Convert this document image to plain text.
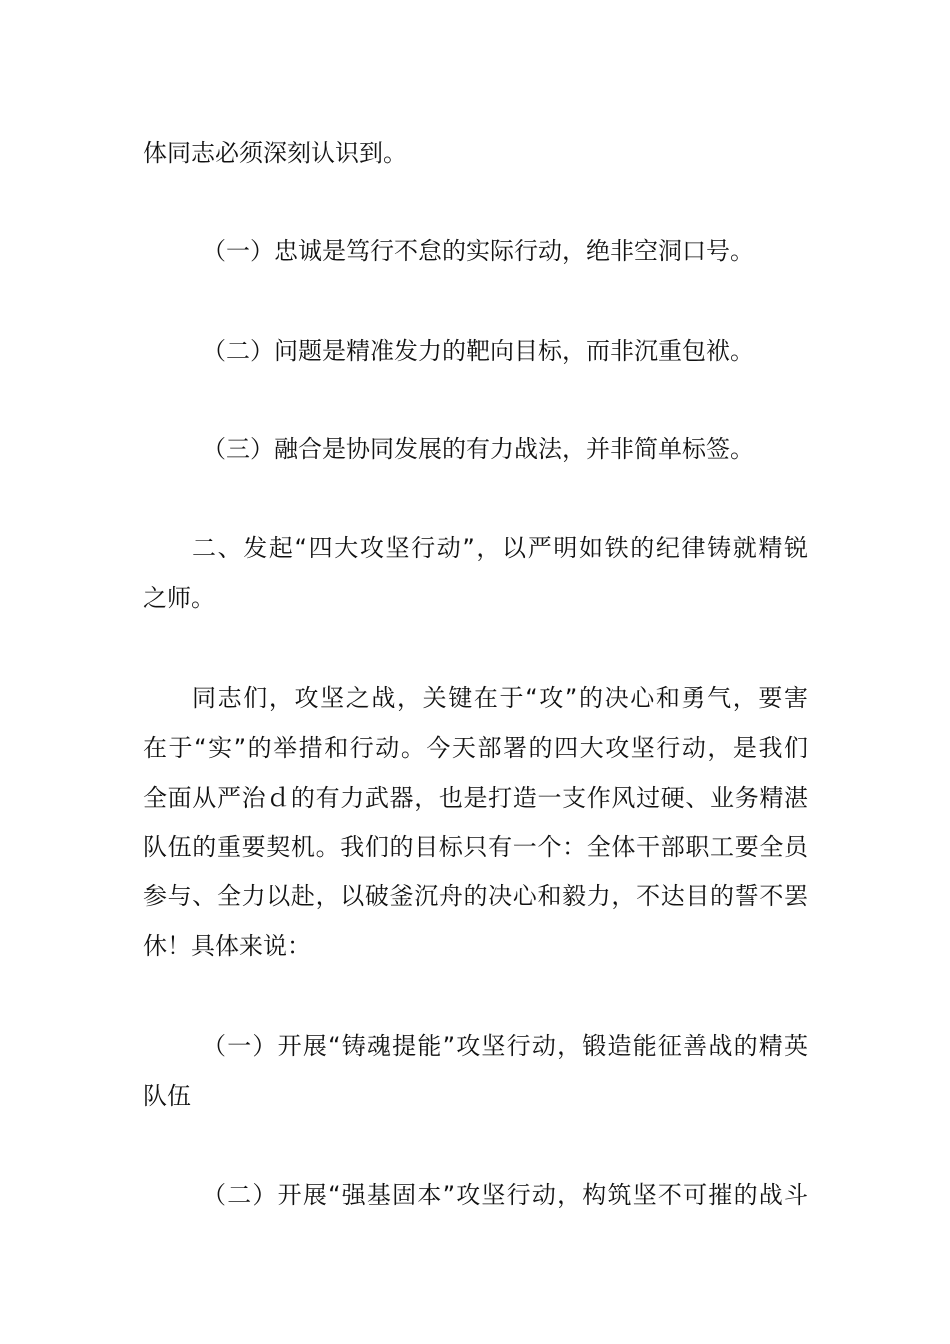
体同志必须深刻认识到。
（一）忠诚是笃行不怠的实际行动，绝非空洞口号。
（二）问题是精准发力的靶向目标，而非沉重包袱。
（三）融合是协同发展的有力战法，并非简单标签。
二、发起“四大攻坚行动”，以严明如铁的纪律铸就精锐
之师。
同志们，攻坚之战，关键在于“攻”的决心和勇气，要害
在于“实”的举措和行动。今天部署的四大攻坚行动，是我们
全面从严治ｄ的有力武器，也是打造一支作风过硬、业务精湛
队伍的重要契机。我们的目标只有一个：全体干部职工要全员
参与、全力以赴，以破釜沉舟的决心和毅力，不达目的誓不罢
休！具体来说：
（一）开展“铸魂提能”攻坚行动，锻造能征善战的精英
队伍
（二）开展“强基固本”攻坚行动，构筑坚不可摧的战斗
